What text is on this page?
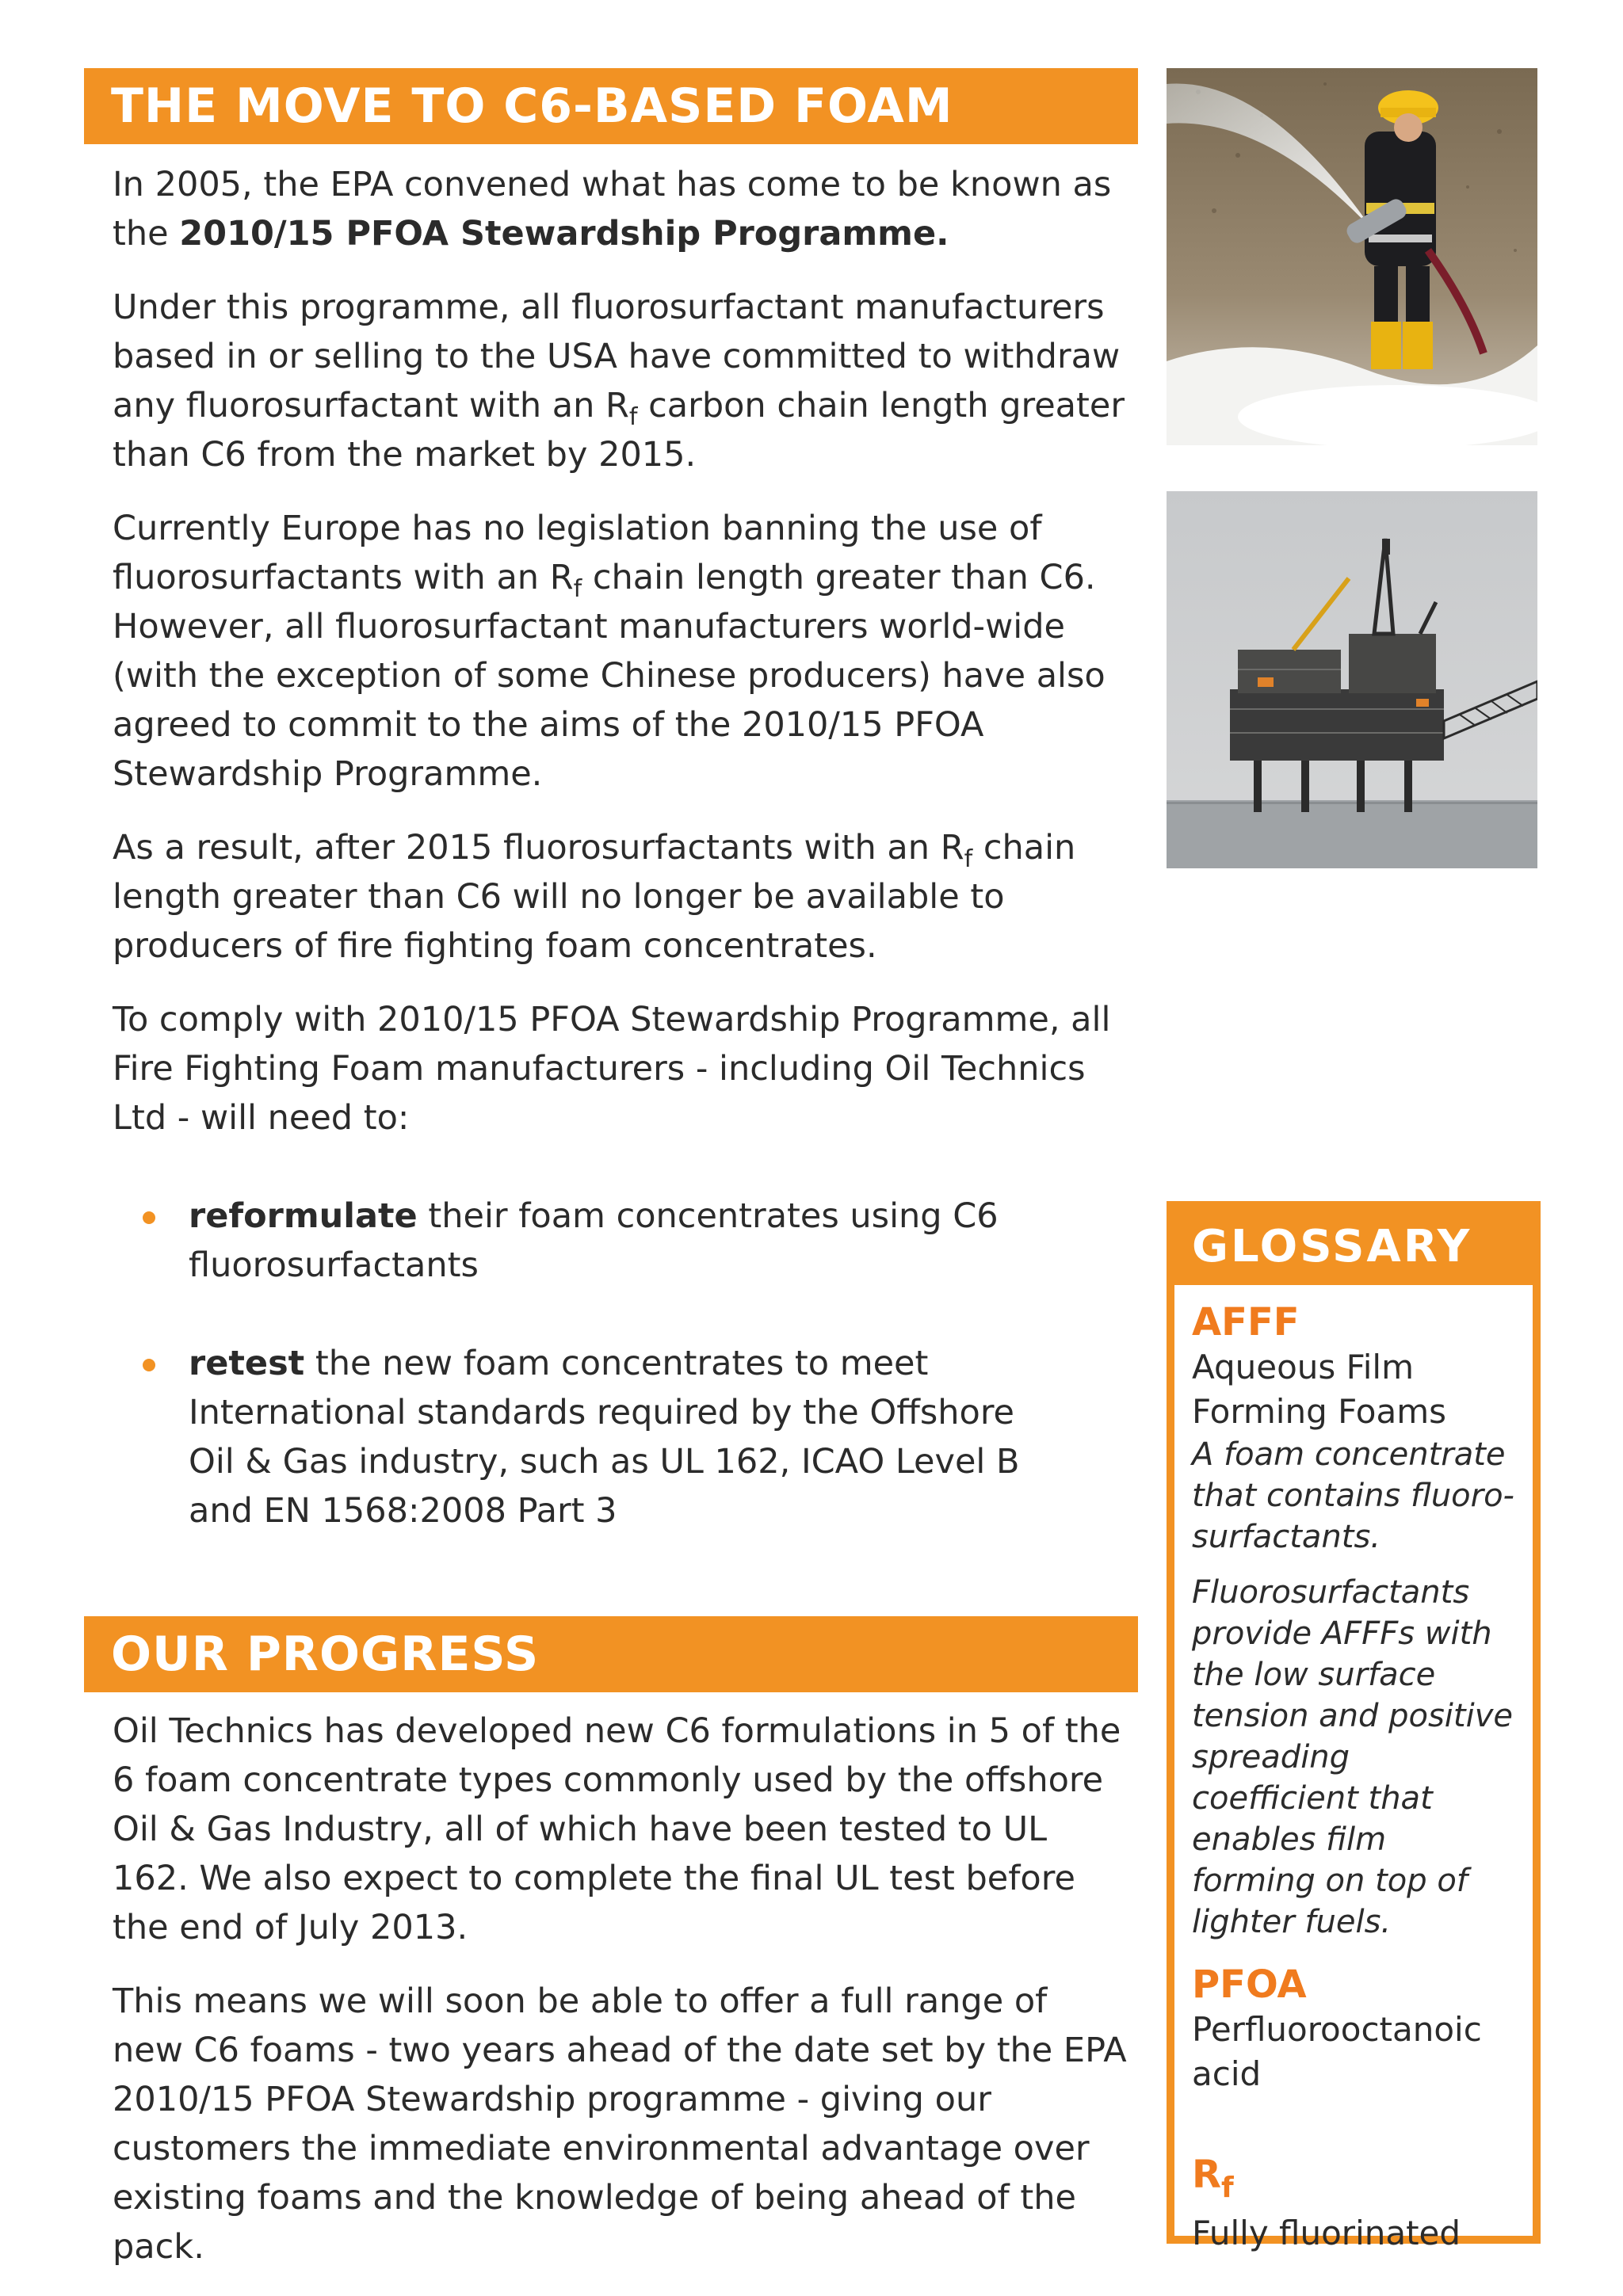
THE MOVE TO C6-BASED FOAM

In 2005, the EPA convened what has come to be known as the 2010/15 PFOA Stewardship Programme.

Under this programme, all fluorosurfactant manufacturers based in or selling to the USA have committed to withdraw any fluorosurfactant with an $R_f$ carbon chain length greater than C6 from the market by 2015.

Currently Europe has no legislation banning the use of fluorosurfactants with an $R_f$ chain length greater than C6. However, all fluorosurfactant manufacturers world-wide (with the exception of some Chinese producers) have also agreed to commit to the aims of the 2010/15 PFOA Stewardship Programme.

As a result, after 2015 fluorosurfactants with an $R_f$ chain length greater than C6 will no longer be available to producers of fire fighting foam concentrates.

To comply with 2010/15 PFOA Stewardship Programme, all Fire Fighting Foam manufacturers - including Oil Technics Ltd - will need to:

reformulate their foam concentrates using C6 fluorosurfactants
retest the new foam concentrates to meet International standards required by the Offshore Oil & Gas industry, such as UL 162, ICAO Level B and EN 1568:2008 Part 3
OUR PROGRESS

Oil Technics has developed new C6 formulations in 5 of the 6 foam concentrate types commonly used by the offshore Oil & Gas Industry, all of which have been tested to UL 162. We also expect to complete the final UL test before the end of July 2013.

This means we will soon be able to offer a full range of new C6 foams - two years ahead of the date set by the EPA 2010/15 PFOA Stewardship programme - giving our customers the immediate environmental advantage over existing foams and the knowledge of being ahead of the pack.

GLOSSARY
AFFF
Aqueous Film Forming Foams
A foam concentrate that contains fluoro-surfactants.
Fluorosurfactants provide AFFFs with the low surface tension and positive spreading coefficient that enables film forming on top of lighter fuels.
PFOA
Perfluorooctanoic acid
$R_f$
Fully fluorinated
